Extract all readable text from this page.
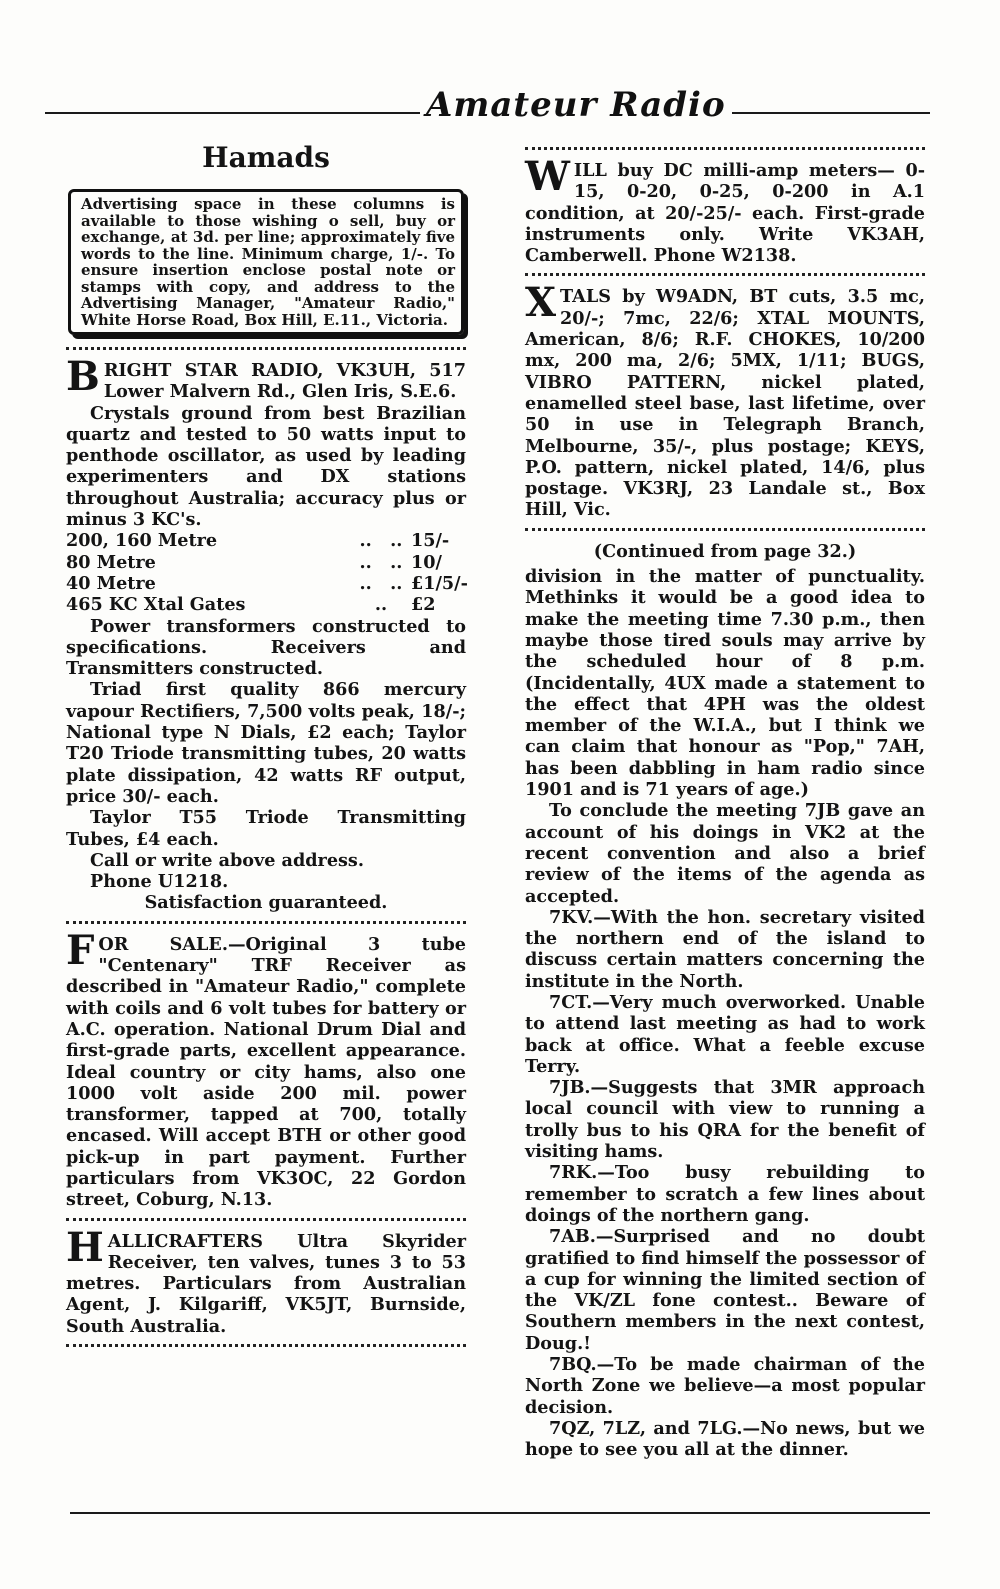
Amateur Radio
Hamads

Advertising space in these columns is available to those wishing o sell, buy or exchange, at 3d. per line; approximately five words to the line. Minimum charge, 1/-. To ensure insertion enclose postal note or stamps with copy, and address to the Advertising Manager, "Amateur Radio," White Horse Road, Box Hill, E.11., Victoria.

BRIGHT STAR RADIO, VK3UH, 517 Lower Malvern Rd., Glen Iris, S.E.6.

Crystals ground from best Brazilian quartz and tested to 50 watts input to penthode oscillator, as used by leading experimenters and DX stations throughout Australia; accuracy plus or minus 3 KC's.

200, 160 Metre	..   .. 15/-
80 Metre	..   .. 10/
40 Metre	..   .. £1/5/-
465 KC Xtal Gates	..	£2

Power transformers constructed to specifications. Receivers and Transmitters constructed.

Triad first quality 866 mercury vapour Rectifiers, 7,500 volts peak, 18/-; National type N Dials, £2 each; Taylor T20 Triode transmitting tubes, 20 watts plate dissipation, 42 watts RF output, price 30/- each.

Taylor T55 Triode Transmitting Tubes, £4 each.

Call or write above address.

Phone U1218.

Satisfaction guaranteed.

FOR SALE.—Original 3 tube "Centenary" TRF Receiver as described in "Amateur Radio," complete with coils and 6 volt tubes for battery or A.C. operation. National Drum Dial and first-grade parts, excellent appearance. Ideal country or city hams, also one 1000 volt aside 200 mil. power transformer, tapped at 700, totally encased. Will accept BTH or other good pick-up in part payment. Further particulars from VK3OC, 22 Gordon street, Coburg, N.13.

HALLICRAFTERS Ultra Skyrider Receiver, ten valves, tunes 3 to 53 metres. Particulars from Australian Agent, J. Kilgariff, VK5JT, Burnside, South Australia.

WILL buy DC milli-amp meters— 0-15, 0-20, 0-25, 0-200 in A.1 condition, at 20/-25/- each. First-grade instruments only. Write VK3AH, Camberwell. Phone W2138.

XTALS by W9ADN, BT cuts, 3.5 mc, 20/-; 7mc, 22/6; XTAL MOUNTS, American, 8/6; R.F. CHOKES, 10/200 mx, 200 ma, 2/6; 5MX, 1/11; BUGS, VIBRO PATTERN, nickel plated, enamelled steel base, last lifetime, over 50 in use in Telegraph Branch, Melbourne, 35/-, plus postage; KEYS, P.O. pattern, nickel plated, 14/6, plus postage. VK3RJ, 23 Landale st., Box Hill, Vic.

(Continued from page 32.)

division in the matter of punctuality. Methinks it would be a good idea to make the meeting time 7.30 p.m., then maybe those tired souls may arrive by the scheduled hour of 8 p.m. (Incidentally, 4UX made a statement to the effect that 4PH was the oldest member of the W.I.A., but I think we can claim that honour as "Pop," 7AH, has been dabbling in ham radio since 1901 and is 71 years of age.)

To conclude the meeting 7JB gave an account of his doings in VK2 at the recent convention and also a brief review of the items of the agenda as accepted.

7KV.—With the hon. secretary visited the northern end of the island to discuss certain matters concerning the institute in the North.

7CT.—Very much overworked. Unable to attend last meeting as had to work back at office. What a feeble excuse Terry.

7JB.—Suggests that 3MR approach local council with view to running a trolly bus to his QRA for the benefit of visiting hams.

7RK.—Too busy rebuilding to remember to scratch a few lines about doings of the northern gang.

7AB.—Surprised and no doubt gratified to find himself the possessor of a cup for winning the limited section of the VK/ZL fone contest.. Beware of Southern members in the next contest, Doug.!

7BQ.—To be made chairman of the North Zone we believe—a most popular decision.

7QZ, 7LZ, and 7LG.—No news, but we hope to see you all at the dinner.
